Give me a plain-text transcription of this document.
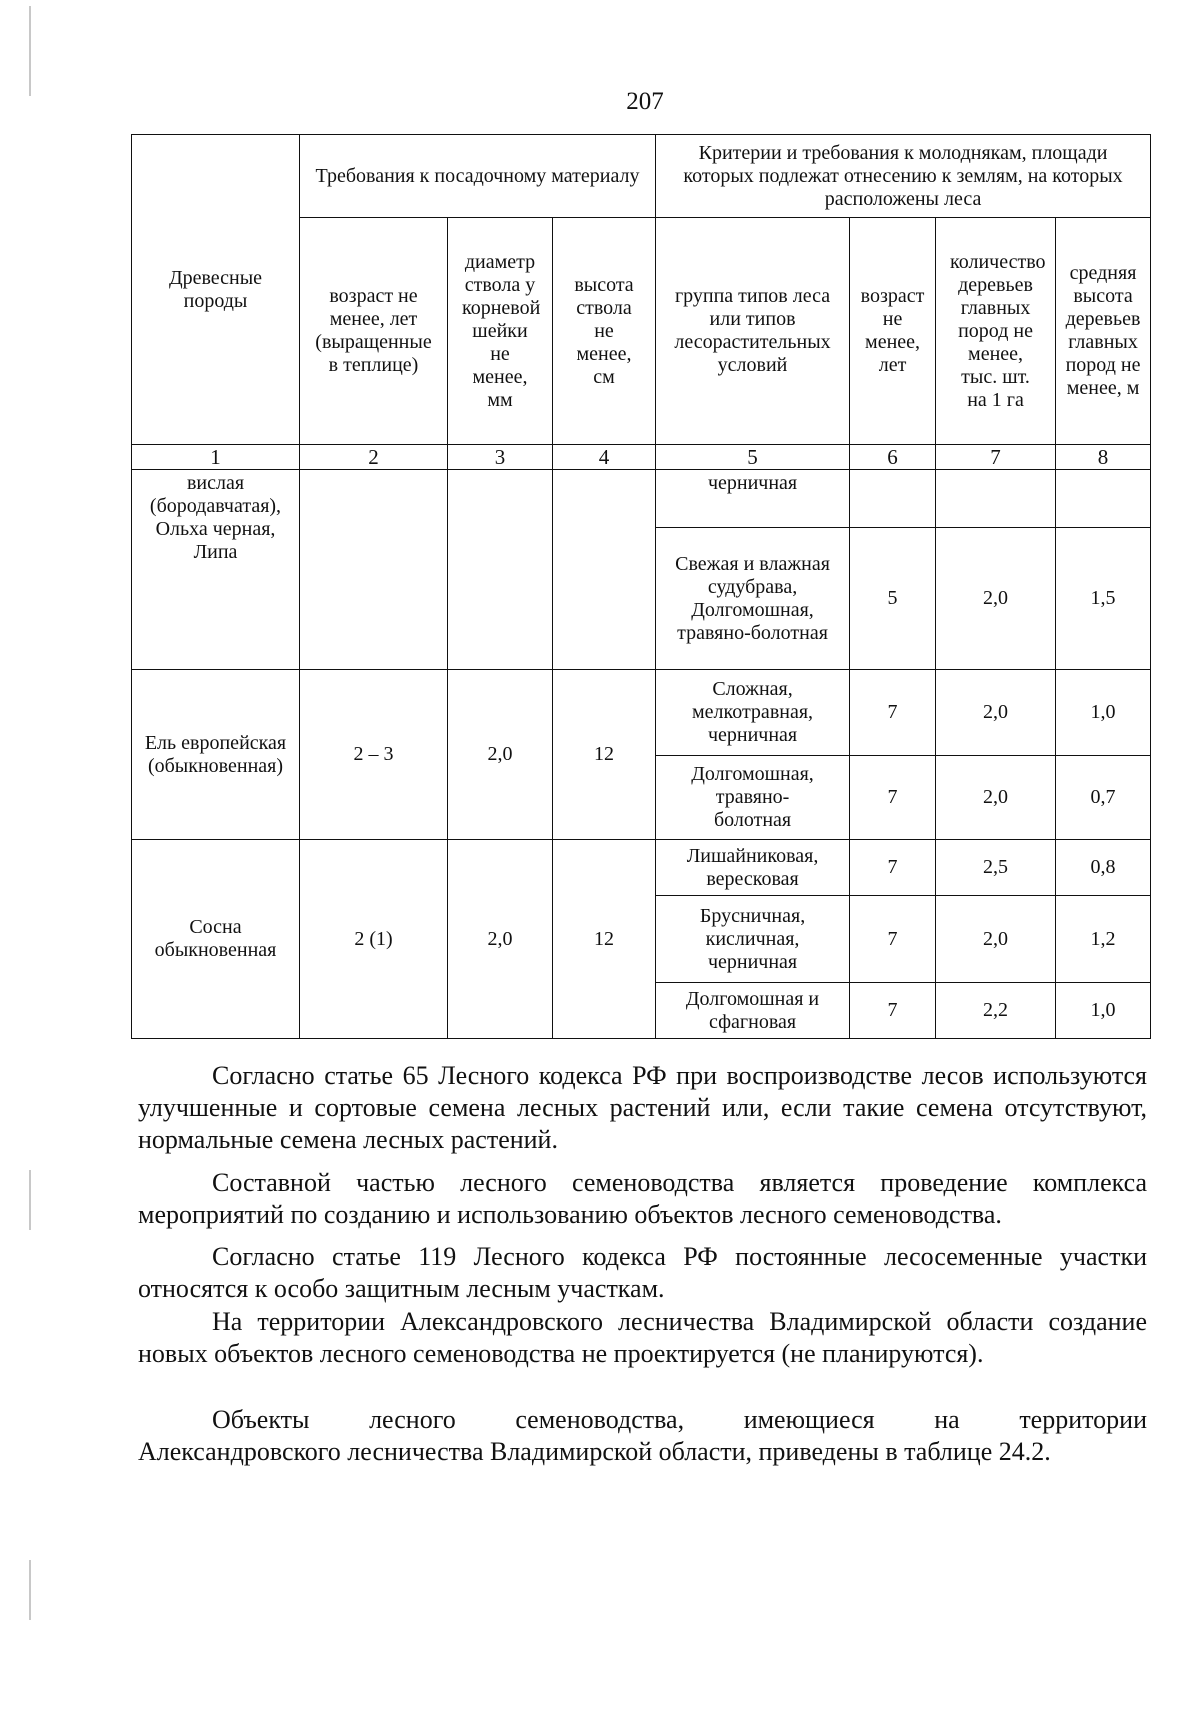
207
Древесные породы	Требования к посадочному материалу			Критерии и требования к молоднякам, площади которых подлежат отнесению к землям, на которых расположены леса			
	возраст не менее, лет (выращенные в теплице)	диаметр ствола у корневой шейки не менее, мм	высота ствола не менее, см	группа типов леса или типов лесорастительных условий	возраст не менее, лет	количество деревьев главных пород не менее, тыс. шт. на 1 га	средняя высота деревьев главных пород не менее, м
1	2	3	4	5	6	7	8
вислая (бородавчатая), Ольха черная, Липа				черничная			
				Свежая и влажная судубрава, Долгомошная, травяно-болотная	5	2,0	1,5
Ель европейская (обыкновенная)	2 – 3	2,0	12	Сложная, мелкотравная, черничная	7	2,0	1,0
				Долгомошная, травяно-болотная	7	2,0	0,7
Сосна обыкновенная	2 (1)	2,0	12	Лишайниковая, вересковая	7	2,5	0,8
				Брусничная, кисличная, черничная	7	2,0	1,2
				Долгомошная и сфагновая	7	2,2	1,0

Согласно статье 65 Лесного кодекса РФ при воспроизводстве лесов используются улучшенные и сортовые семена лесных растений или, если такие семена отсутствуют, нормальные семена лесных растений.

Составной частью лесного семеноводства является проведение комплекса мероприятий по созданию и использованию объектов лесного семеноводства.

Согласно статье 119 Лесного кодекса РФ постоянные лесосеменные участки относятся к особо защитным лесным участкам.

На территории Александровского лесничества Владимирской области создание новых объектов лесного семеноводства не проектируется (не планируются).

Объекты лесного семеноводства, имеющиеся на территории

Александровского лесничества Владимирской области, приведены в таблице 24.2.
